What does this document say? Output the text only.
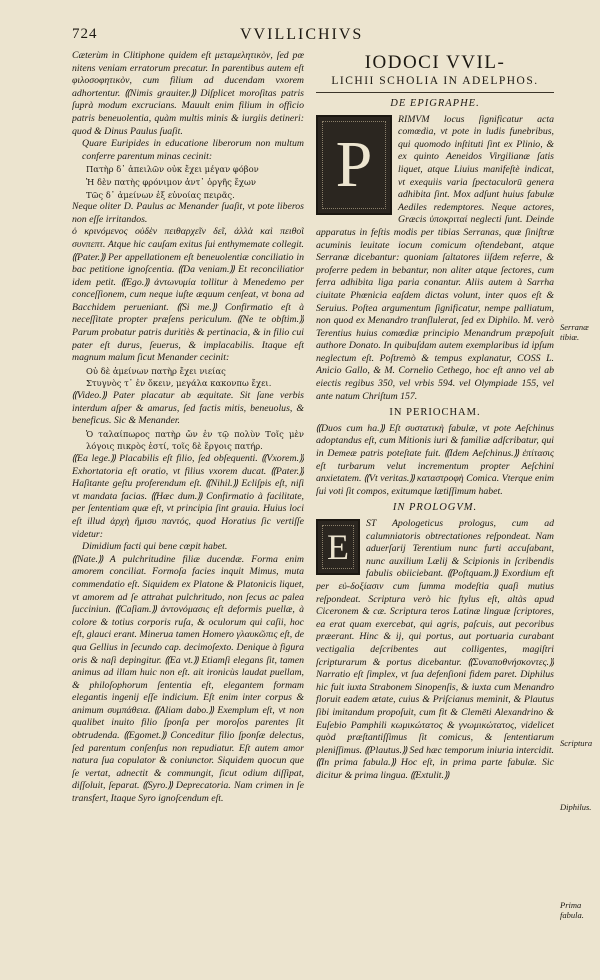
724	VVILLICHIVS

Cæterùm in Clitiphone quidem eſt μεταμελητικὸν, ſed pœ nitens veniam erratorum precatur. In parentibus autem eſt φιλοσοφητικὸν, cum filium ad ducendam vxorem adhortentur. ⸨Nimis grauiter.⸩ Diſplicet moroſitas patris ſuprà modum excrucians. Mauult enim filium in officio patris beneuolentia, quàm multis minis & iurgiis detineri: quod & Dinus Paulus ſuaſit.

Quare Euripides in educatione liberorum non multum conferre parentum minas cecinit:

Πατὴρ δ᾽ ἀπειλῶν οὐκ ἔχει μέγαν φόβον
Ἡ δὲν πατὴς φρόνιμον ἀντ᾽ ὀργῆς ἔχων
Τῶς δ᾽ ἀμείνων ἐξ εὐνοίας πειρᾶς.

Neque oliter D. Paulus ac Menander ſuaſit, vt pote liberos non eſſe irritandos.

ὁ κρινόμενος οὐδὲν πειθαρχεῖν δεῖ, ἀλλὰ καὶ πειθοῖ συνπεπτ. Atque hic cauſam exitus ſui enthymemate collegit. ⸨Pater.⸩ Per appellationem eſt beneuolentiæ conciliatio in bac petitione ignoſcentia. ⸨Da veniam.⸩ Et reconciliatior idem petit. ⸨Ego.⸩ ἀντωνυμία tollitur à Menedemo per conceſſionem, cum neque iuſte æquum cenſeat, vt bona ad Bacchidem perueniant. ⸨Si me.⸩ Confirmatio eſt à neceſſitate propter præſens periculum. ⸨Ne te obſtim.⸩ Parum probatur patris duritiès & pertinacia, & in filio cui pater eſt durus, ſeuerus, & implacabilis. Itaque eſt magnum malum ſicut Menander cecinit:

Οὐ δὲ ἀμείνων πατὴρ ἔχει νιείας
Στυγνὸς τ᾽ ἐν ὄκειν, μεγάλα κακονπω ἔχει.

⸨Video.⸩ Pater placatur ab æquitate. Sit ſane verbis interdum aſper & amarus, ſed factis mitis, beneuolus, & beneficus. Sic & Menander.

Ὁ ταλαίπωρος πατὴρ ὤν ἐν τῷ πολὺν Τοῖς μὲν λόγοις πικρὸς ἐστί, τοῖς δὲ ἔργοις πατήρ.

⸨Ea lege.⸩ Placabilis eſt filio, ſed obſequenti. ⸨Vxorem.⸩ Exhortatoria eſt oratio, vt filius vxorem ducat. ⸨Pater.⸩ Haſitante geſtu proferendum eſt. ⸨Nihil.⸩ Ecliſpis eſt, niſi vt mandata facias. ⸨Hæc dum.⸩ Confirmatio à facilitate, per ſententiam quæ eſt, vt principia ſint grauia. Huius loci eſt illud ἀρχὴ ἥμισυ παντός, quod Horatius ſic vertiſſe videtur:

Dimidium facti qui bene cœpit habet.

⸨Nate.⸩ A pulchritudine filiæ ducendæ. Forma enim amorem conciliat. Formoſa facies inquit Mimus, muta commendatio eſt. Siquidem ex Platone & Platonicis liquet, vt amorem ad ſe attrahat pulchritudo, non ſecus ac palea ſucciniun. ⸨Caſiam.⸩ ἀντονόμασις eſt deformis puellæ, à colore & totius corporis ruſa, & oculorum qui caſii, hoc eſt, glauci erant. Minerua tamen Homero γλαυκῶπις eſt, de qua Gellius in ſecundo cap. decimoſexto. Denique à figura oris & naſi depingitur. ⸨Ea vt.⸩ Etiamſi elegans ſit, tamen animus ad illam huic non eſt. ait ironicùs laudat puellam, & philoſophorum ſententia eſt, elegantem formam elegantis ingenij eſſe indicium. Eſt enim inter corpus & animum συμπάθεια. ⸨Aliam dabo.⸩ Exemplum eſt, vt non qualibet inuito filio ſponſa per moroſos parentes ſit obtrudenda. ⸨Egomet.⸩ Conceditur filio ſponſæ delectus, ſed parentum conſenſus non repudiatur. Eſt autem amor natura ſua copulator & coniunctor. Siquidem quocun que ſe vertat, adnectit & commungit, ſicut odium diſſipat, diſſoluit, ſeparat. ⸨Syro.⸩ Deprecatoria. Nam crimen in ſe transfert, Itaque Syro ignoſcendum eſt.

IODOCI VVIL-
LICHII SCHOLIA IN ADELPHOS.
DE EPIGRAPHE.
P

RIMVM locus ſignificatur acta comœdia, vt pote in ludis funebribus, qui quomodo inſtituti ſint ex Plinio, & ex quinto Aeneidos Virgilianæ ſatis liquet, atque Liuius manifeſtè indicat, vt exequiis varia ſpectaculorū genera adhibita ſint. Mox adſunt huius fabulæ Aediles redemptores. Neque actores, Græcis ὑποκριταί neglecti ſunt. Deinde apparatus in feſtis modis per tibias Serranas, quæ ſiniſtræ acuminis leuitate iocum comicum oſtendebant, atque Serranæ dicebantur: quoniam ſaltatores iiſdem referre, & proferre pedem in bebantur, non aliter atque ſectores, cum ferra adhibita liga paria conantur. Aliis autem à Sarrha ciuitate Phœnicia eaſdem dictas volunt, inter quos eſt & Seruius. Poſtea argumentum ſignificatur, nempe palliatum, non quod ex Menandro tranſlulerat, ſed ex Diphilo. M. verò Terentius huius comœdiæ principio Menandrum præpoſuit authore Donato. In quibuſdam autem exemplaribus id ipſum neglectum eſt. Poſtremò & tempus explanatur, COSS L. Anicio Gallo, & M. Cornelio Cethego, hoc eſt anno vel ab eiectis regibus 350, vel vrbis 594. vel Olympiade 155, vel ante natum Chriſtum 157.

IN PERIOCHAM.

⸨Duos cum ha.⸩ Eſt συστατικὴ fabulæ, vt pote Aeſchinus adoptandus eſt, cum Mitionis iuri & familiæ adſcribatur, qui in Demeæ patris poteſtate fuit. ⸨Idem Aeſchinus.⸩ ἐπίτασις eſt turbarum velut incrementum propter Aeſchini anxietatem. ⸨Vt veritas.⸩ καταστροφὴ Comica. Vterque enim ſui voti ſit compos, exitumque lætiſſimum habet.

IN PROLOGVM.
E

ST Apologeticus prologus, cum ad calumniatoris obtrectationes reſpondeat. Nam aduerſarij Terentium nunc furti accuſabant, nunc auxilium Lælij & Scipionis in ſcribendis fabulis obiiciebant. ⸨Poſtquam.⸩ Exordium eſt per εὐ-δοξίασιν cum ſumma modeſtia quaſi mutius reſpondeat. Scriptura verò hic ſtylus eſt, altàs apud Ciceronem & cæ. Scriptura teros Latinæ linguæ ſcriptores, ea erat quam exercebat, qui agris, paſcuis, aut pecoribus præerant. Hinc & ij, qui portus, aut portuaria curabant vectigalia deſcribentes aut colligentes, magiſtri ſcripturarum & portus dicebantur. ⸨Συναποθνήσκοντες.⸩ Narratio eſt ſimplex, vt ſua defenſioni fidem paret. Diphilus hic fuit iuxta Strabonem Sinopenſis, & iuxta cum Menandro floruit eadem ætate, cuius & Priſcianus meminit, & Plautus ſibi imitandum propoſuit, cum fit & Clemēti Alexandrino & Euſebio Pamphili κωμικώτατος & γνωμικώτατος, videlicet quòd præſtantiſſimus ſit comicus, & ſententiarum pleniſſimus. ⸨Plautus.⸩ Sed hæc temporum iniuria intercidit. ⸨In prima fabula.⸩ Hoc eſt, in prima parte fabulæ. Sic dicitur & prima lingua. ⸨Extulit.⸩

Serranæ tibiæ.
Scriptura
Diphilus.
Prima fabula.
